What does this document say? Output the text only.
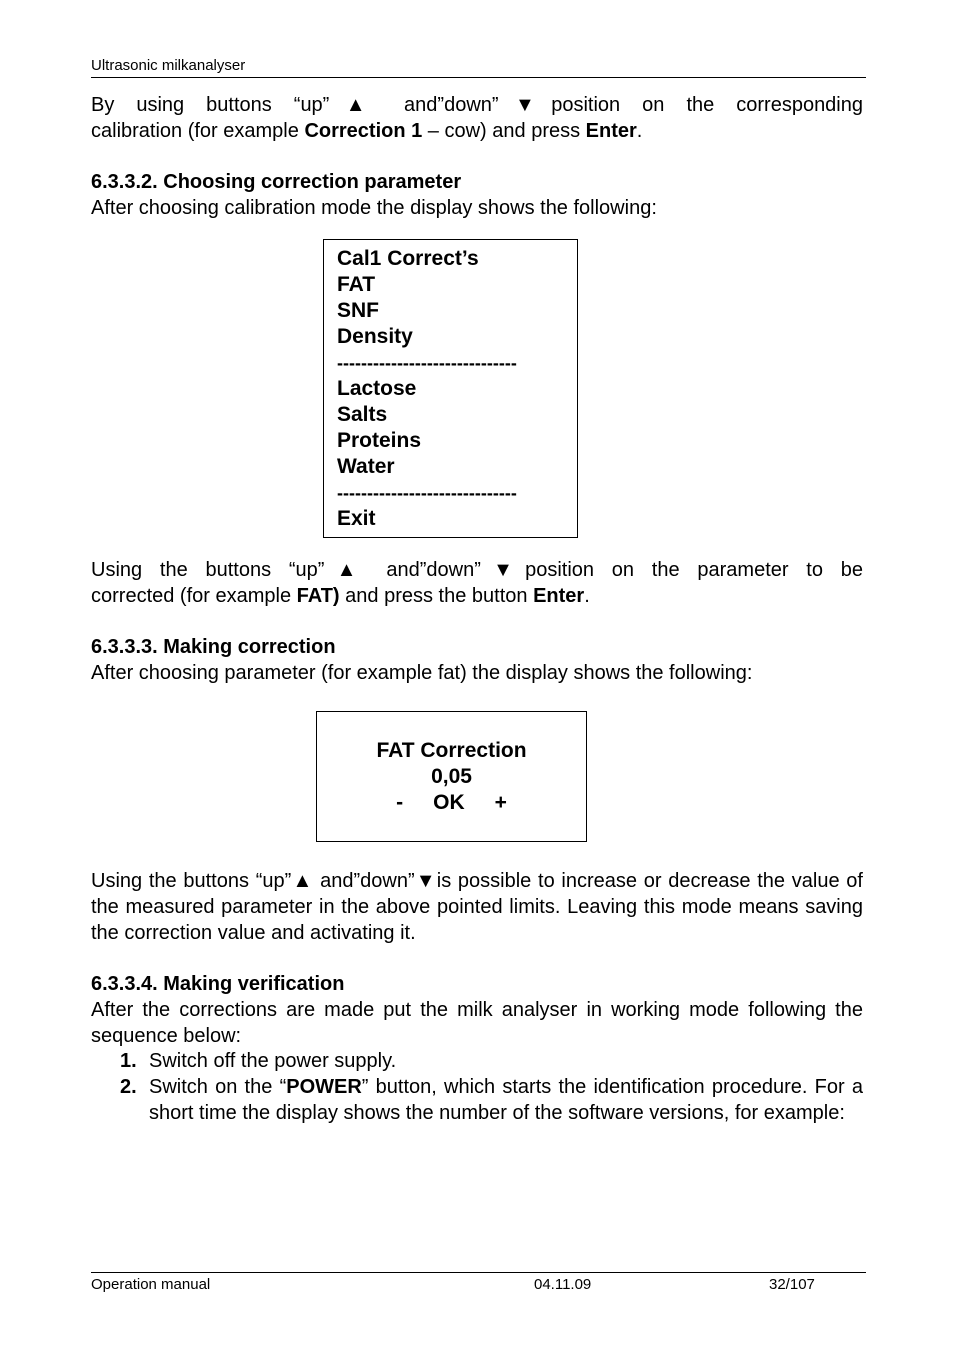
Ultrasonic milkanalyser
By using buttons “up”▲ and”down”▼position on the corresponding
calibration (for example Correction 1 – cow) and press Enter.
6.3.3.2. Choosing correction parameter
After choosing calibration mode the display shows the following:
Cal1 Correct’s
FAT
SNF
Density
------------------------------
Lactose
Salts
Proteins
Water
------------------------------
Exit
Using the buttons “up”▲ and”down”▼position on the parameter to be
corrected (for example FAT) and press the button Enter.
6.3.3.3. Making correction
After choosing parameter (for example fat) the display shows the following:
FAT Correction
0,05
- OK +
Using the buttons “up”▲ and”down”▼is possible to increase or decrease the value of the measured parameter in the above pointed limits. Leaving this mode means saving the correction value and activating it.
6.3.3.4. Making verification
After the corrections are made put the milk analyser in working mode following the sequence below:
1. Switch off the power supply.
2. Switch on the “POWER” button, which starts the identification procedure. For a short time the display shows the number of the software versions, for example:
Operation manual	04.11.09	32/107
